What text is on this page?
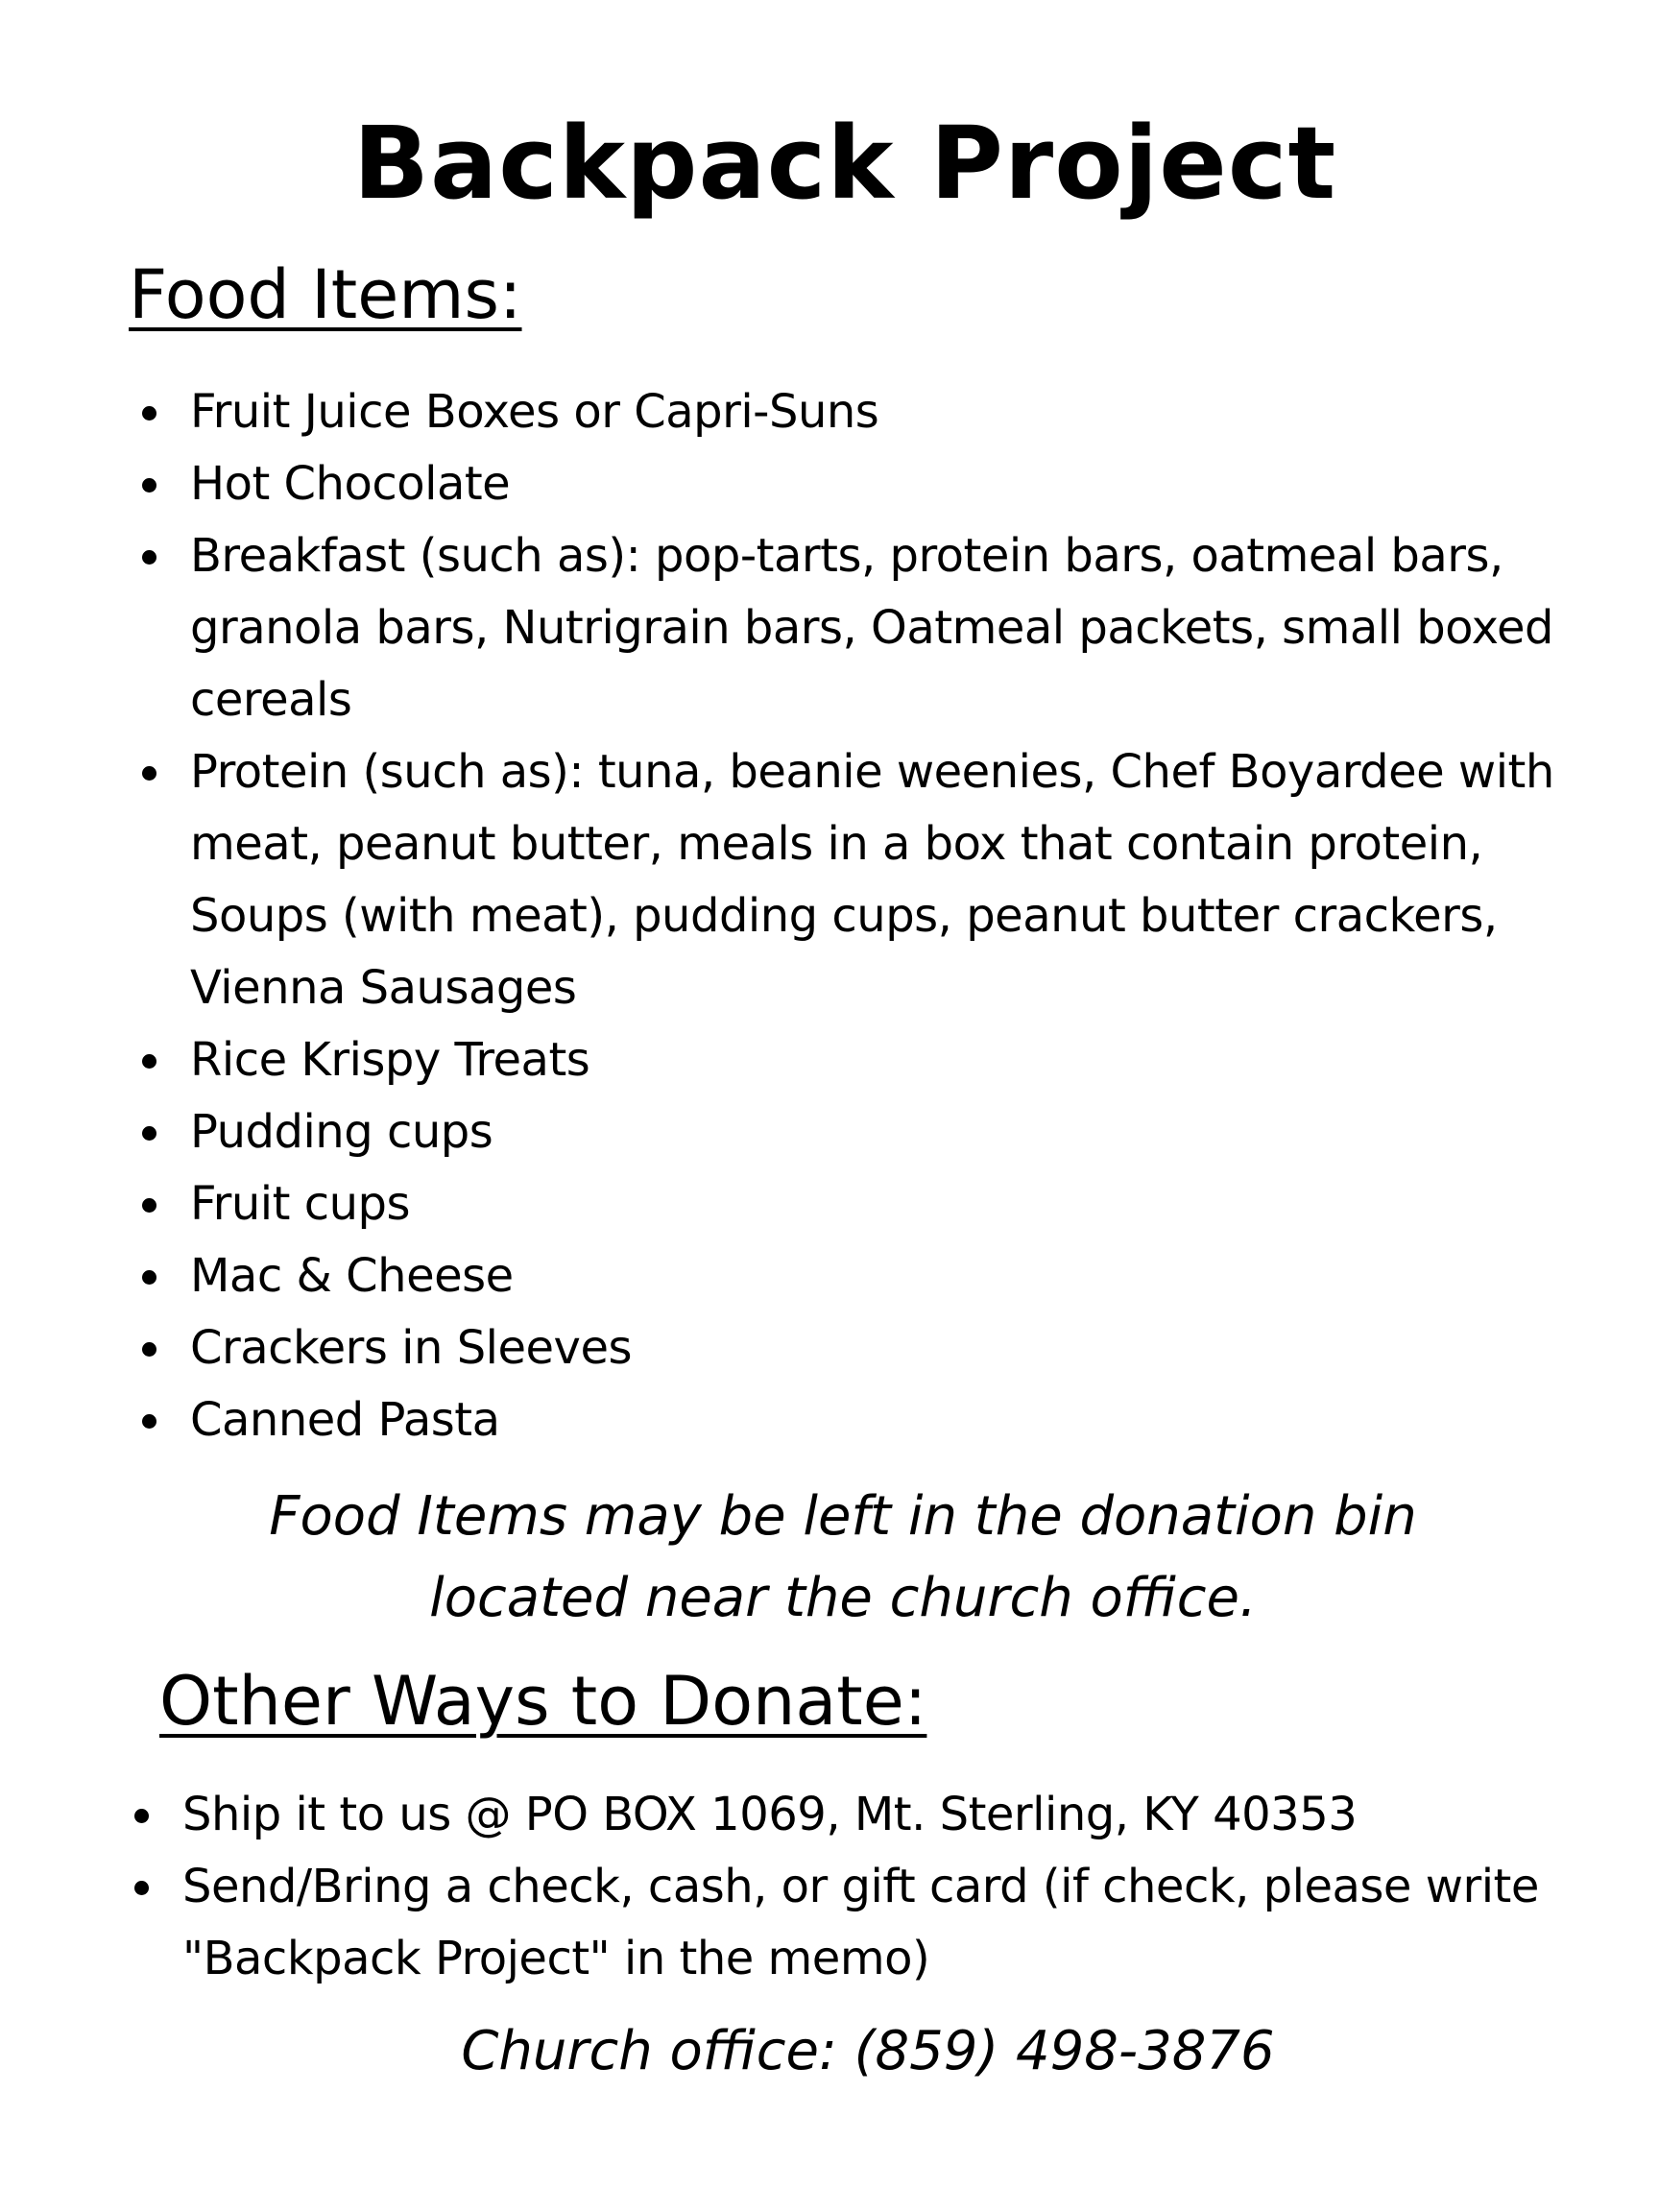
Backpack Project
Food Items:
Fruit Juice Boxes or Capri-Suns
Hot Chocolate
Breakfast (such as): pop-tarts, protein bars, oatmeal bars, granola bars, Nutrigrain bars, Oatmeal packets, small boxed cereals
Protein (such as): tuna, beanie weenies, Chef Boyardee with meat, peanut butter, meals in a box that contain protein, Soups (with meat), pudding cups, peanut butter crackers, Vienna Sausages
Rice Krispy Treats
Pudding cups
Fruit cups
Mac & Cheese
Crackers in Sleeves
Canned Pasta

Food Items may be left in the donation bin
located near the church office.

Other Ways to Donate:
Ship it to us @ PO BOX 1069, Mt. Sterling, KY 40353
Send/Bring a check, cash, or gift card (if check, please write "Backpack Project" in the memo)

Church office: (859) 498-3876
